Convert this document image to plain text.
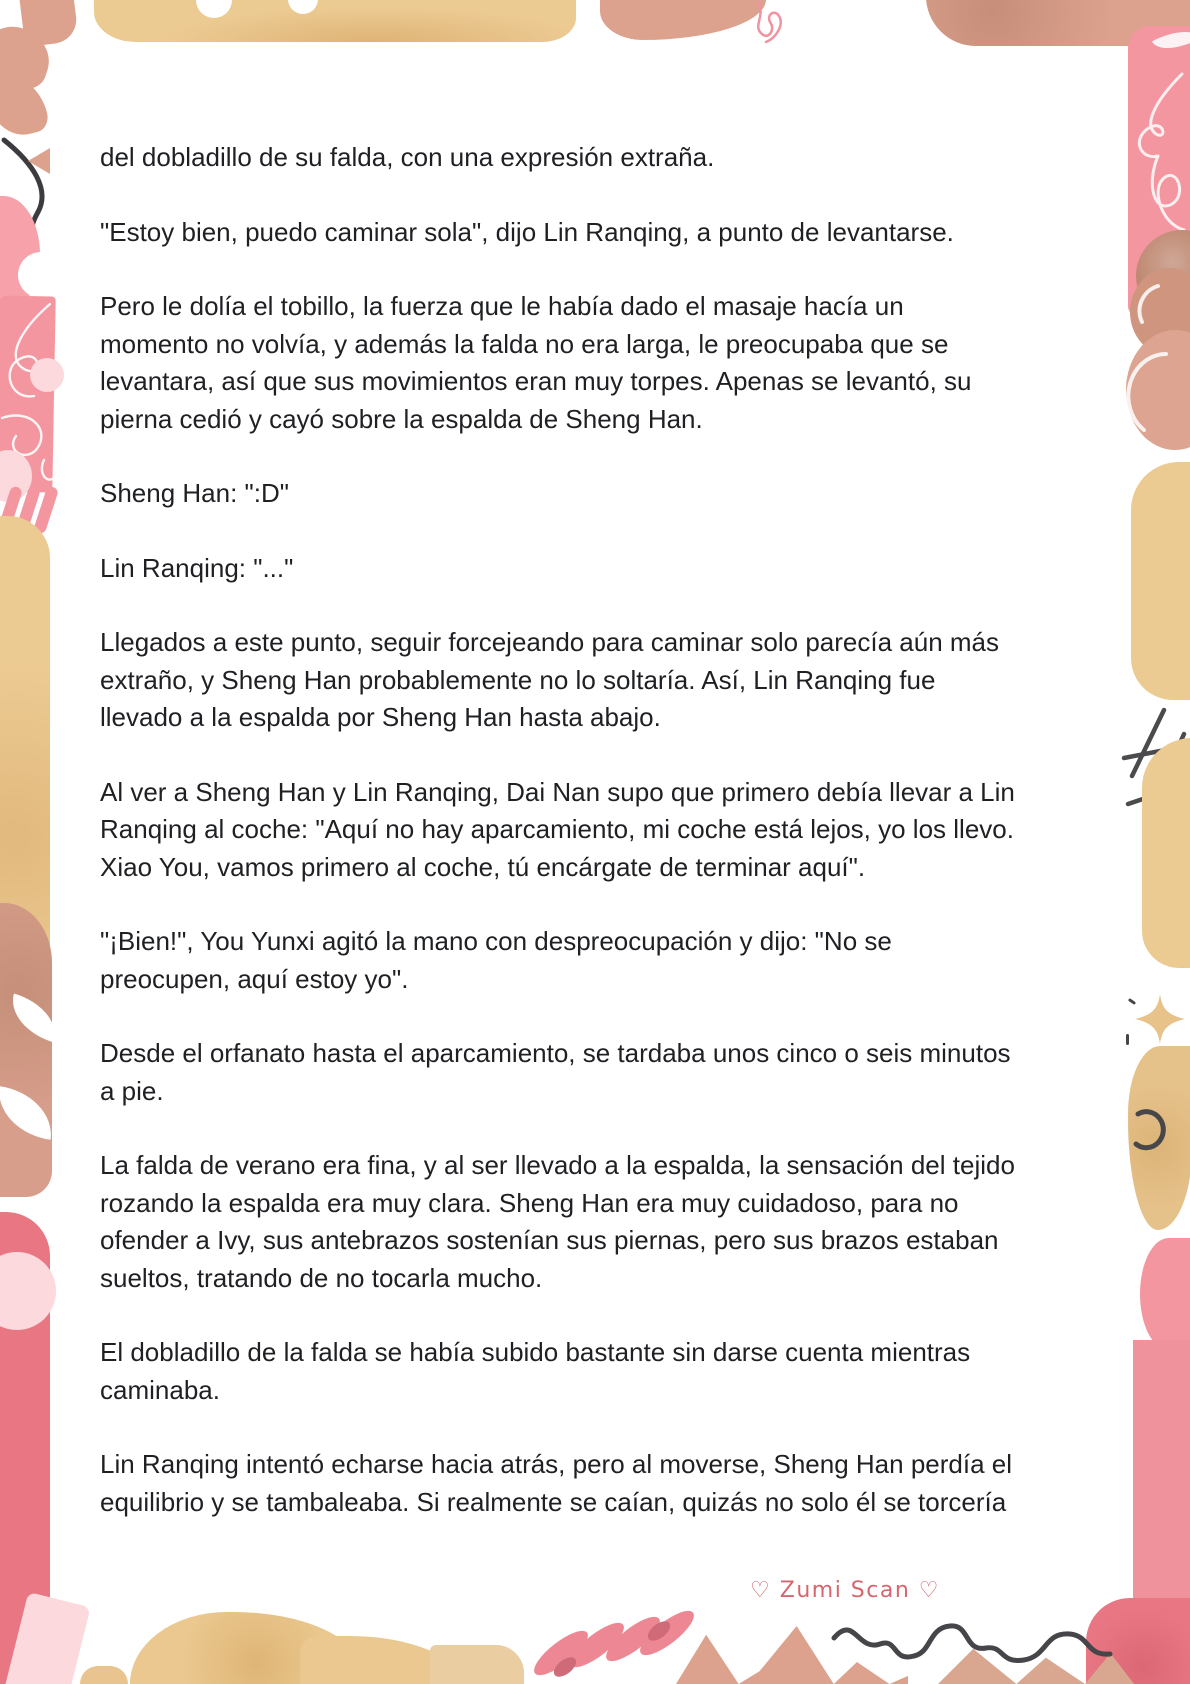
del dobladillo de su falda, con una expresión extraña.

"Estoy bien, puedo caminar sola", dijo Lin Ranqing, a punto de levantarse.

Pero le dolía el tobillo, la fuerza que le había dado el masaje hacía un momento no volvía, y además la falda no era larga, le preocupaba que se levantara, así que sus movimientos eran muy torpes. Apenas se levantó, su pierna cedió y cayó sobre la espalda de Sheng Han.

Sheng Han: ":D"

Lin Ranqing: "..."

Llegados a este punto, seguir forcejeando para caminar solo parecía aún más extraño, y Sheng Han probablemente no lo soltaría. Así, Lin Ranqing fue llevado a la espalda por Sheng Han hasta abajo.

Al ver a Sheng Han y Lin Ranqing, Dai Nan supo que primero debía llevar a Lin Ranqing al coche: "Aquí no hay aparcamiento, mi coche está lejos, yo los llevo. Xiao You, vamos primero al coche, tú encárgate de terminar aquí".

"¡Bien!", You Yunxi agitó la mano con despreocupación y dijo: "No se preocupen, aquí estoy yo".

Desde el orfanato hasta el aparcamiento, se tardaba unos cinco o seis minutos a pie.

La falda de verano era fina, y al ser llevado a la espalda, la sensación del tejido rozando la espalda era muy clara. Sheng Han era muy cuidadoso, para no ofender a Ivy, sus antebrazos sostenían sus piernas, pero sus brazos estaban sueltos, tratando de no tocarla mucho.

El dobladillo de la falda se había subido bastante sin darse cuenta mientras caminaba.

Lin Ranqing intentó echarse hacia atrás, pero al moverse, Sheng Han perdía el equilibrio y se tambaleaba. Si realmente se caían, quizás no solo él se torcería

♡ Zumi Scan ♡
